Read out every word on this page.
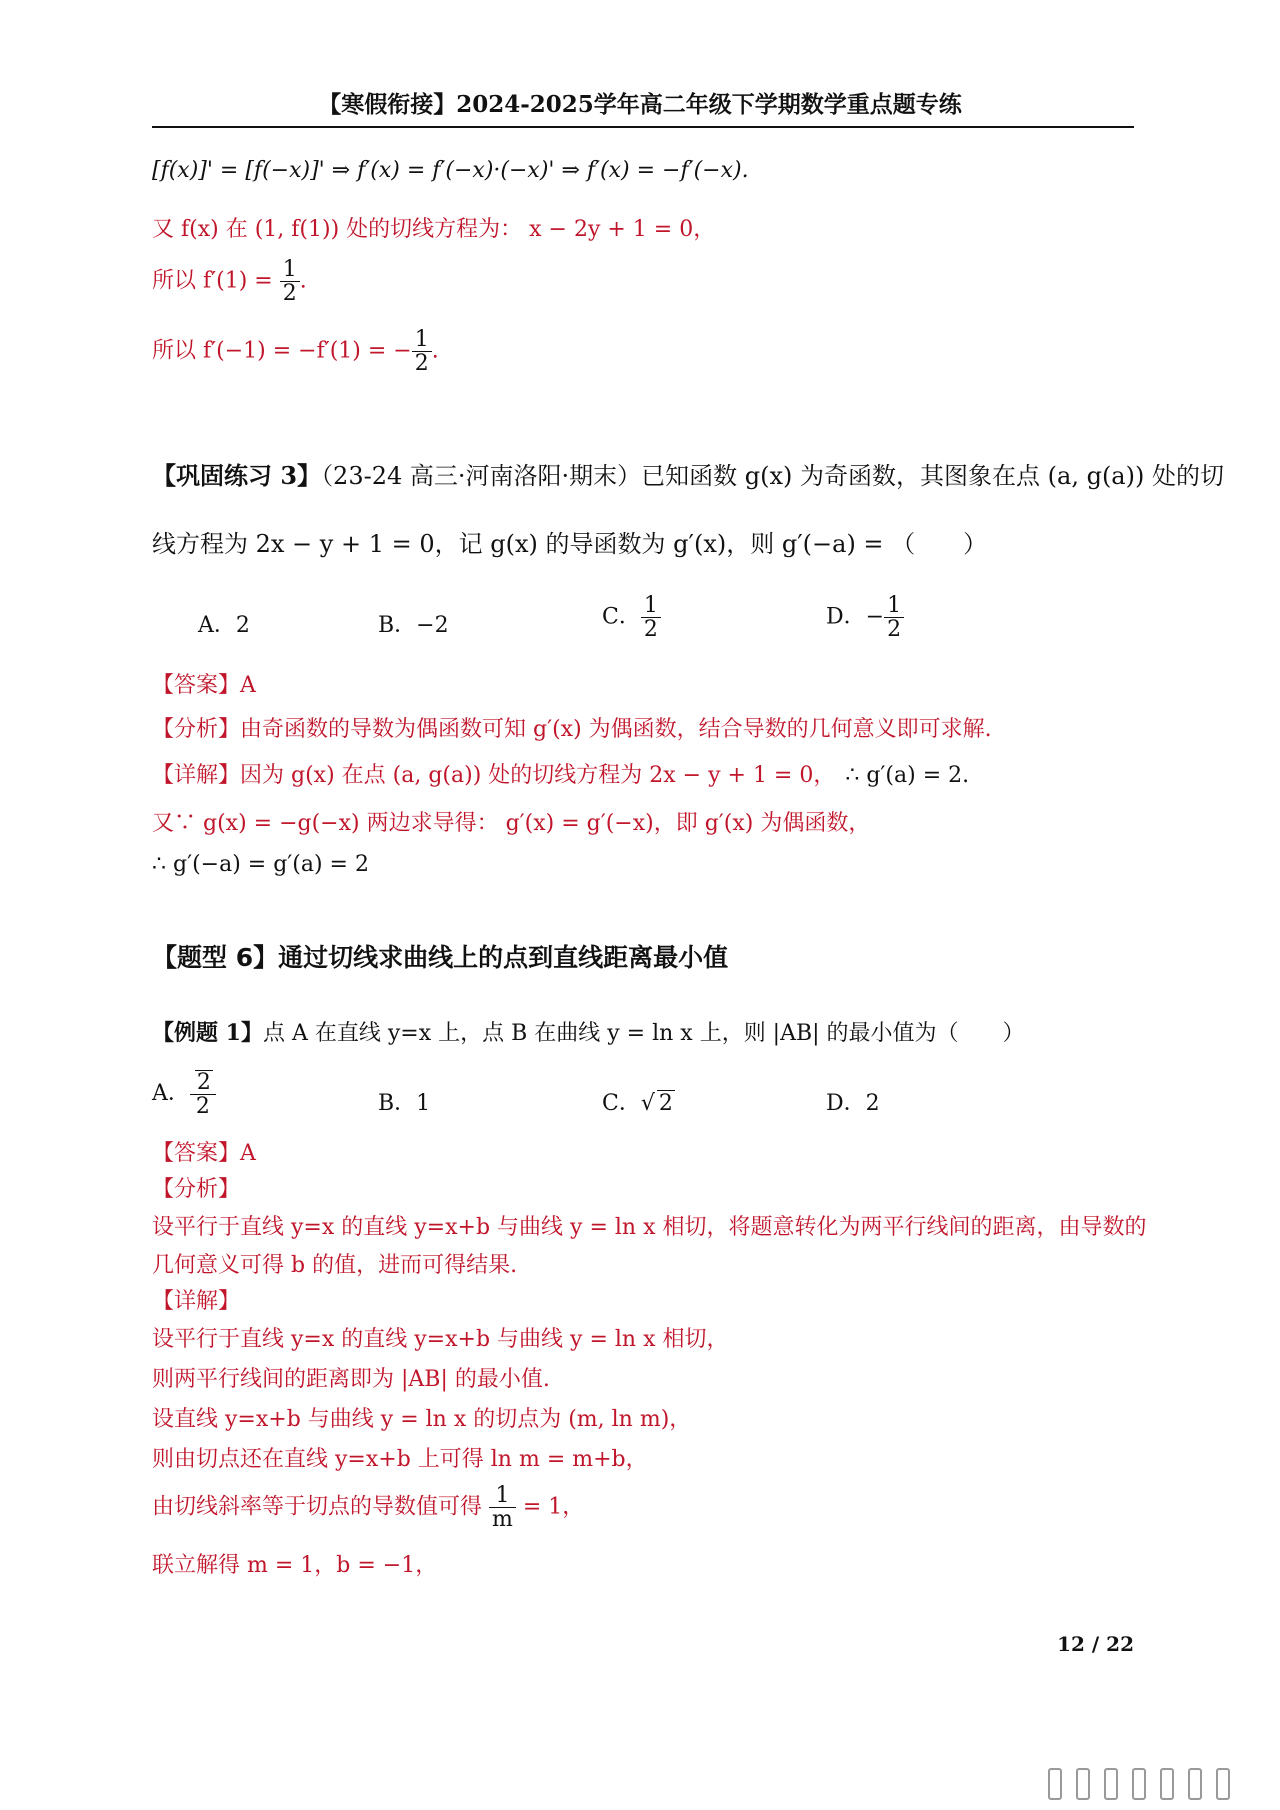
【寒假衔接】2024-2025学年高二年级下学期数学重点题专练
[f(x)]' = [f(−x)]' ⇒ f′(x) = f′(−x)·(−x)' ⇒ f′(x) = −f′(−x).
又 f(x) 在 (1, f(1)) 处的切线方程为： x − 2y + 1 = 0，
所以 $f'(1) = \frac{1}{2}$ .
所以 f′(−1) = −f′(1) = − $\frac{1}{2}$ .
【巩固练习 3】（23-24 高三·河南洛阳·期末）已知函数 g(x) 为奇函数，其图象在点 (a, g(a)) 处的切
线方程为 2x − y + 1 = 0，记 g(x) 的导函数为 g′(x)，则 g′(−a) = （　　）
A．2	B．−2	C． $\frac{1}{2}$	D．− $\frac{1}{2}$
【答案】A
【分析】由奇函数的导数为偶函数可知 g′(x) 为偶函数，结合导数的几何意义即可求解.
【详解】因为 g(x) 在点 (a, g(a)) 处的切线方程为 2x − y + 1 = 0， ∴ g′(a) = 2.
又∵ g(x) = −g(−x) 两边求导得： g′(x) = g′(−x)，即 g′(x) 为偶函数，
∴ g′(−a) = g′(a) = 2
【题型 6】通过切线求曲线上的点到直线距离最小值
【例题 1】点 A 在直线 y=x 上，点 B 在曲线 y = ln x 上，则 |AB| 的最小值为（　　）
A． $\frac{2}{2}$	B．1	C．√ 2	D．2
【答案】A
【分析】
设平行于直线 y=x 的直线 y=x+b 与曲线 y = ln x 相切，将题意转化为两平行线间的距离，由导数的
几何意义可得 b 的值，进而可得结果.
【详解】
设平行于直线 y=x 的直线 y=x+b 与曲线 y = ln x 相切，
则两平行线间的距离即为 |AB| 的最小值.
设直线 y=x+b 与曲线 y = ln x 的切点为 (m, ln m)，
则由切点还在直线 y=x+b 上可得 ln m = m+b，
由切线斜率等于切点的导数值可得 $\frac{1}{m} = 1$，
联立解得 m = 1，b = −1，
12 / 22
